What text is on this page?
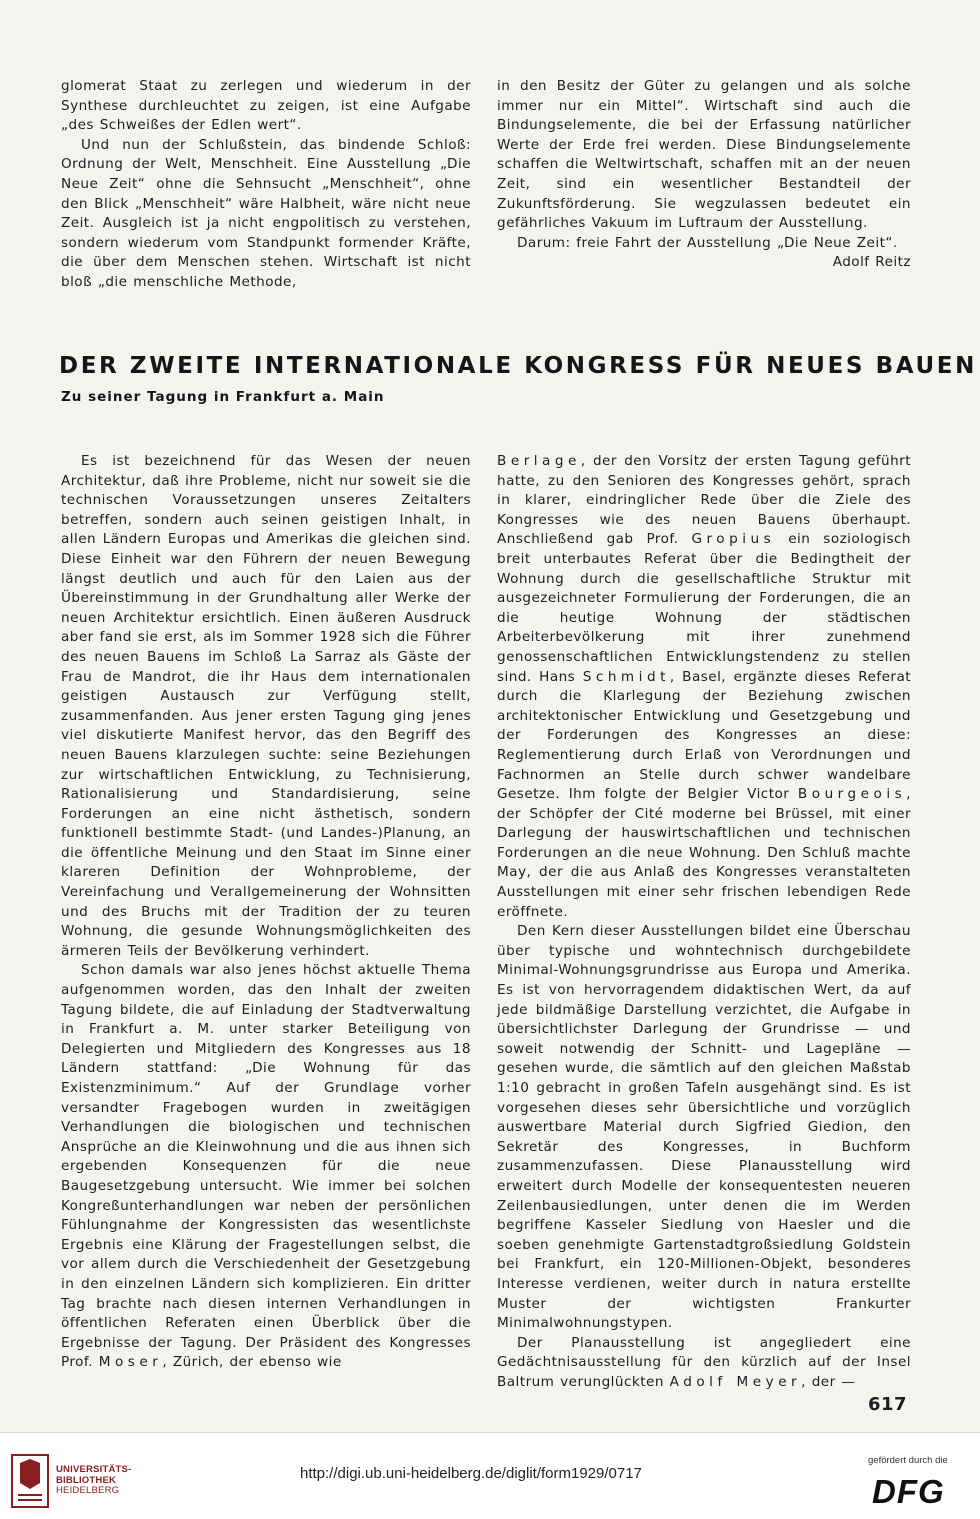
glomerat Staat zu zerlegen und wiederum in der Synthese durchleuchtet zu zeigen, ist eine Aufgabe „des Schweißes der Edlen wert“.

Und nun der Schlußstein, das bindende Schloß: Ordnung der Welt, Menschheit. Eine Ausstellung „Die Neue Zeit“ ohne die Sehnsucht „Menschheit“, ohne den Blick „Menschheit“ wäre Halbheit, wäre nicht neue Zeit. Ausgleich ist ja nicht engpolitisch zu verstehen, sondern wiederum vom Standpunkt formender Kräfte, die über dem Menschen stehen. Wirtschaft ist nicht bloß „die menschliche Methode,

in den Besitz der Güter zu gelangen und als solche immer nur ein Mittel“. Wirtschaft sind auch die Bindungselemente, die bei der Erfassung natürlicher Werte der Erde frei werden. Diese Bindungselemente schaffen die Weltwirtschaft, schaffen mit an der neuen Zeit, sind ein wesentlicher Bestandteil der Zukunftsförderung. Sie wegzulassen bedeutet ein gefährliches Vakuum im Luftraum der Ausstellung.

Darum: freie Fahrt der Ausstellung „Die Neue Zeit“.

Adolf Reitz

DER ZWEITE INTERNATIONALE KONGRESS FÜR NEUES BAUEN
Zu seiner Tagung in Frankfurt a. Main

Es ist bezeichnend für das Wesen der neuen Architektur, daß ihre Probleme, nicht nur soweit sie die technischen Voraussetzungen unseres Zeitalters betreffen, sondern auch seinen geistigen Inhalt, in allen Ländern Europas und Amerikas die gleichen sind. Diese Einheit war den Führern der neuen Bewegung längst deutlich und auch für den Laien aus der Übereinstimmung in der Grundhaltung aller Werke der neuen Architektur ersichtlich. Einen äußeren Ausdruck aber fand sie erst, als im Sommer 1928 sich die Führer des neuen Bauens im Schloß La Sarraz als Gäste der Frau de Mandrot, die ihr Haus dem internationalen geistigen Austausch zur Verfügung stellt, zusammenfanden. Aus jener ersten Tagung ging jenes viel diskutierte Manifest hervor, das den Begriff des neuen Bauens klarzulegen suchte: seine Beziehungen zur wirtschaftlichen Entwicklung, zu Technisierung, Rationalisierung und Standardisierung, seine Forderungen an eine nicht ästhetisch, sondern funktionell bestimmte Stadt- (und Landes-)Planung, an die öffentliche Meinung und den Staat im Sinne einer klareren Definition der Wohnprobleme, der Vereinfachung und Verallgemeinerung der Wohnsitten und des Bruchs mit der Tradition der zu teuren Wohnung, die gesunde Wohnungsmöglichkeiten des ärmeren Teils der Bevölkerung verhindert.

Schon damals war also jenes höchst aktuelle Thema aufgenommen worden, das den Inhalt der zweiten Tagung bildete, die auf Einladung der Stadtverwaltung in Frankfurt a. M. unter starker Beteiligung von Delegierten und Mitgliedern des Kongresses aus 18 Ländern stattfand: „Die Wohnung für das Existenzminimum.“ Auf der Grundlage vorher versandter Fragebogen wurden in zweitägigen Verhandlungen die biologischen und technischen Ansprüche an die Kleinwohnung und die aus ihnen sich ergebenden Konsequenzen für die neue Baugesetzgebung untersucht. Wie immer bei solchen Kongreßunterhandlungen war neben der persönlichen Fühlungnahme der Kongressisten das wesentlichste Ergebnis eine Klärung der Fragestellungen selbst, die vor allem durch die Verschiedenheit der Gesetzgebung in den einzelnen Ländern sich komplizieren. Ein dritter Tag brachte nach diesen internen Verhandlungen in öffentlichen Referaten einen Überblick über die Ergebnisse der Tagung. Der Präsident des Kongresses Prof. Moser, Zürich, der ebenso wie

Berlage, der den Vorsitz der ersten Tagung geführt hatte, zu den Senioren des Kongresses gehört, sprach in klarer, eindringlicher Rede über die Ziele des Kongresses wie des neuen Bauens überhaupt. Anschließend gab Prof. Gropius ein soziologisch breit unterbautes Referat über die Bedingtheit der Wohnung durch die gesellschaftliche Struktur mit ausgezeichneter Formulierung der Forderungen, die an die heutige Wohnung der städtischen Arbeiterbevölkerung mit ihrer zunehmend genossenschaftlichen Entwicklungstendenz zu stellen sind. Hans Schmidt, Basel, ergänzte dieses Referat durch die Klarlegung der Beziehung zwischen architektonischer Entwicklung und Gesetzgebung und der Forderungen des Kongresses an diese: Reglementierung durch Erlaß von Verordnungen und Fachnormen an Stelle durch schwer wandelbare Gesetze. Ihm folgte der Belgier Victor Bourgeois, der Schöpfer der Cité moderne bei Brüssel, mit einer Darlegung der hauswirtschaftlichen und technischen Forderungen an die neue Wohnung. Den Schluß machte May, der die aus Anlaß des Kongresses veranstalteten Ausstellungen mit einer sehr frischen lebendigen Rede eröffnete.

Den Kern dieser Ausstellungen bildet eine Überschau über typische und wohntechnisch durchgebildete Minimal-Wohnungsgrundrisse aus Europa und Amerika. Es ist von hervorragendem didaktischen Wert, da auf jede bildmäßige Darstellung verzichtet, die Aufgabe in übersichtlichster Darlegung der Grundrisse — und soweit notwendig der Schnitt- und Lagepläne — gesehen wurde, die sämtlich auf den gleichen Maßstab 1:10 gebracht in großen Tafeln ausgehängt sind. Es ist vorgesehen dieses sehr übersichtliche und vorzüglich auswertbare Material durch Sigfried Giedion, den Sekretär des Kongresses, in Buchform zusammenzufassen. Diese Planausstellung wird erweitert durch Modelle der konsequentesten neueren Zeilenbausiedlungen, unter denen die im Werden begriffene Kasseler Siedlung von Haesler und die soeben genehmigte Gartenstadtgroßsiedlung Goldstein bei Frankfurt, ein 120-Millionen-Objekt, besonderes Interesse verdienen, weiter durch in natura erstellte Muster der wichtigsten Frankurter Minimalwohnungstypen.

Der Planausstellung ist angegliedert eine Gedächtnisausstellung für den kürzlich auf der Insel Baltrum verunglückten Adolf Meyer, der —

617
UNIVERSITÄTS-
BIBLIOTHEK
HEIDELBERG
http://digi.ub.uni-heidelberg.de/diglit/form1929/0717
gefördert durch die
DFG
